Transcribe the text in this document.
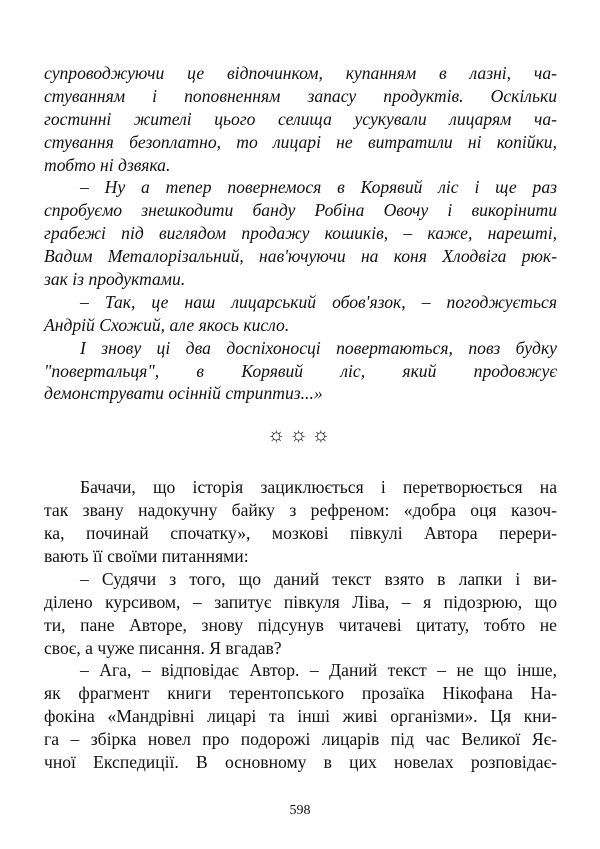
супроводжуючи це відпочинком, купанням в лазні, ча-
стуванням і поповненням запасу продуктів. Оскільки
гостинні жителі цього селища усукували лицарям ча-
стування безоплатно, то лицарі не витратили ні копійки,
тобто ні дзвяка.
– Ну а тепер повернемося в Корявий ліс і ще раз
спробуємо знешкодити банду Робіна Овочу і викорінити
грабежі під виглядом продажу кошиків, – каже, нарешті,
Вадим Металорізальний, нав'ючуючи на коня Хлодвіга рюк-
зак із продуктами.
– Так, це наш лицарський обов'язок, – погоджується
Андрій Схожий, але якось кисло.
І знову ці два доспіхоносці повертаються, повз будку
"повертальця", в Корявий ліс, який продовжує
демонструвати осінній стриптиз...»
☼☼☼
Бачачи, що історія зациклюється і перетворюється на
так звану надокучну байку з рефреном: «добра оця казоч-
ка, починай спочатку», мозкові півкулі Автора перери-
вають її своїми питаннями:
– Судячи з того, що даний текст взято в лапки і ви-
ділено курсивом, – запитує півкуля Ліва, – я підозрюю, що
ти, пане Авторе, знову підсунув читачеві цитату, тобто не
своє, а чуже писання. Я вгадав?
– Ага, – відповідає Автор. – Даний текст – не що інше,
як фрагмент книги терентопського прозаїка Нікофана На-
фокіна «Мандрівні лицарі та інші живі організми». Ця кни-
га – збірка новел про подорожі лицарів під час Великої Яє-
чної Експедиції. В основному в цих новелах розповідає-
598
